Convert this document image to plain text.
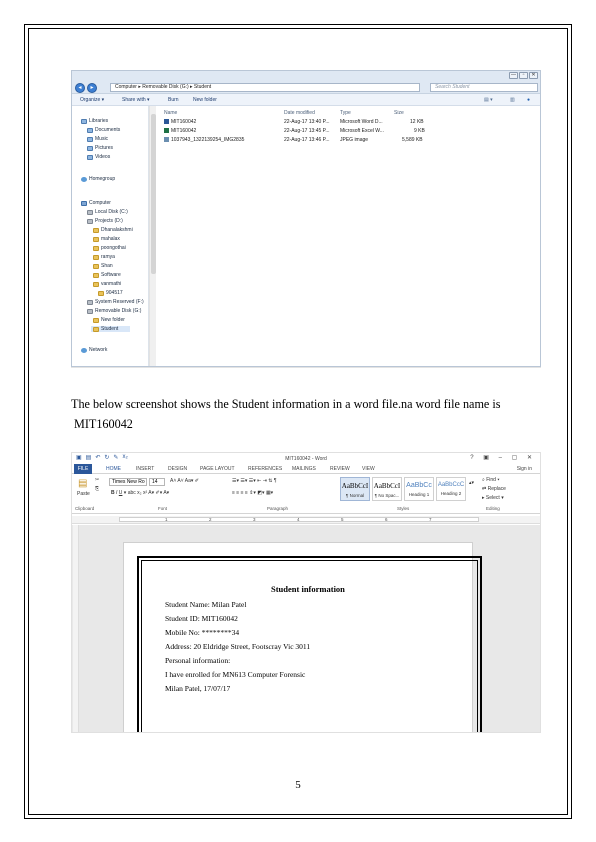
—	▫	✕
◂	▸	Computer ▸ Removable Disk (G:) ▸ Student	Search Student
Organize ▾	Share with ▾	Burn	New folder	▤ ▾	▥ ●
Libraries
Documents
Music
Pictures
Videos
Homegroup
Computer
Local Disk (C:)
Projects (D:)
Dhanalakshmi
mahalax
poongothai
ramya
Shan
Software
vanmathi
904517
System Reserved (F:)
Removable Disk (G:)
New folder
Student
Network
Name	Date modified	Type	Size
MIT160042	22-Aug-17 13:40 P... Microsoft Word D...	12 KB
MIT160042	22-Aug-17 13:45 P... Microsoft Excel W...	9 KB
1037943_1322139254_IMG2835	22-Aug-17 13:46 P... JPEG image	5,589 KB
The below screenshot shows the Student information in a word file.na word file name is
MIT160042
▣ ▤ ↶ ↻ ✎ x₂	MIT160042 - Word	? ▣ – ▢ ✕
FILE	HOME	INSERT	DESIGN	PAGE LAYOUT	REFERENCES MAILINGS	REVIEW VIEW	Sign in
▤
Paste
✂
⎘
Times New Ro	14	A˄ A˅ Aa▾ ✐
B I U ▾ abc x₂ x² A▾ ✐▾ A▾
☰▾ ☰▾ ☰▾ ⇤ ⇥ ⇅ ¶
≡ ≡ ≡ ≡ ⇕▾ ◩▾ ▦▾
AaBbCcI
¶ Normal
AaBbCcI
¶ No Spac...
AaBbCc
Heading 1
AaBbCcC
Heading 2
▴▾ ⌕ Find ▾
⇄ Replace
▸ Select ▾
Clipboard	Font	Paragraph	Styles	Editing
1	2	3	4	5	6	7
Student information
Student Name: Milan Patel
Student ID: MIT160042
Mobile No: ********34
Address: 20 Eldridge Street, Footscray Vic 3011
Personal information:
I have enrolled for MN613 Computer Forensic
Milan Patel, 17/07/17
5
